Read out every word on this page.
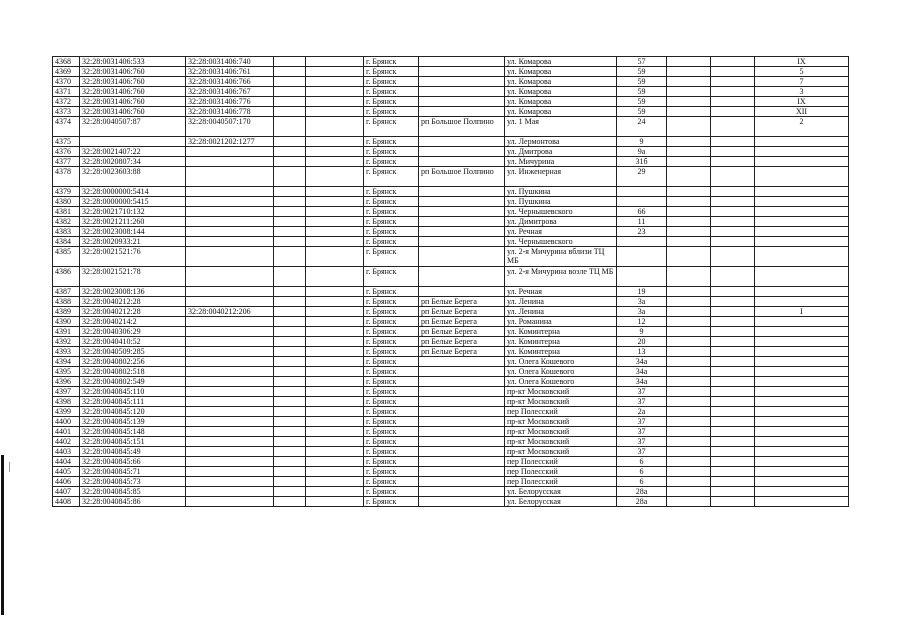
4368	32:28:0031406:533	32:28:0031406:740			г. Брянск		ул. Комарова	57			IX
4369	32:28:0031406:760	32:28:0031406:761			г. Брянск		ул. Комарова	59			5
4370	32:28:0031406:760	32:28:0031406:766			г. Брянск		ул. Комарова	59			7
4371	32:28:0031406:760	32:28:0031406:767			г. Брянск		ул. Комарова	59			3
4372	32:28:0031406:760	32:28:0031406:776			г. Брянск		ул. Комарова	59			IX
4373	32:28:0031406:760	32:28:0031406:778			г. Брянск		ул. Комарова	59			XII
4374	32:28:0040507:87	32:28:0040507:170			г. Брянск	рп Большое Полпино	ул. 1 Мая	24			2
4375		32:28:0021202:1277			г. Брянск		ул. Лермонтова	9			
4376	32:28:0021407:22				г. Брянск		ул. Дмитрова	9а			
4377	32:28:0020807:34				г. Брянск		ул. Мичурина	31б			
4378	32:28:0023603:88				г. Брянск	рп Большое Полпино	ул. Инженерная	29			
4379	32:28:0000000:5414				г. Брянск		ул. Пушкина				
4380	32:28:0000000:5415				г. Брянск		ул. Пушкина				
4381	32:28:0021710:132				г. Брянск		ул. Чернышевского	66			
4382	32:28:0021211:260				г. Брянск		ул. Димитрова	11			
4383	32:28:0023008:144				г. Брянск		ул. Речная	23			
4384	32:28:0020933:21				г. Брянск		ул. Чернышевского				
4385	32:28:0021521:76				г. Брянск		ул. 2-я Мичурина вблизи ТЦ МБ				
4386	32:28:0021521:78				г. Брянск		ул. 2-я Мичурина возле ТЦ МБ				
4387	32:28:0023008:136				г. Брянск		ул. Речная	19			
4388	32:28:0040212:28				г. Брянск	рп Белые Берега	ул. Ленина	3а			
4389	32:28:0040212:28	32:28:0040212:206			г. Брянск	рп Белые Берега	ул. Ленина	3а			I
4390	32:28:0040214:2				г. Брянск	рп Белые Берега	ул. Романина	12			
4391	32:28:0040306:29				г. Брянск	рп Белые Берега	ул. Коминтерна	9			
4392	32:28:0040410:52				г. Брянск	рп Белые Берега	ул. Коминтерна	20			
4393	32:28:0040509:285				г. Брянск	рп Белые Берега	ул. Коминтерна	13			
4394	32:28:0040802:256				г. Брянск		ул. Олега Кошевого	34а			
4395	32:28:0040802:518				г. Брянск		ул. Олега Кошевого	34а			
4396	32:28:0040802:549				г. Брянск		ул. Олега Кошевого	34а			
4397	32:28:0040845:110				г. Брянск		пр-кт Московский	37			
4398	32:28:0040845:111				г. Брянск		пр-кт Московский	37			
4399	32:28:0040845:120				г. Брянск		пер Полесский	2а			
4400	32:28:0040845:139				г. Брянск		пр-кт Московский	37			
4401	32:28:0040845:148				г. Брянск		пр-кт Московский	37			
4402	32:28:0040845:151				г. Брянск		пр-кт Московский	37			
4403	32:28:0040845:49				г. Брянск		пр-кт Московский	37			
4404	32:28:0040845:66				г. Брянск		пер Полесский	6			
4405	32:28:0040845:71				г. Брянск		пер Полесский	6			
4406	32:28:0040845:73				г. Брянск		пер Полесский	6			
4407	32:28:0040845:85				г. Брянск		ул. Белорусская	28а			
4408	32:28:0040845:86				г. Брянск		ул. Белорусская	28а			
